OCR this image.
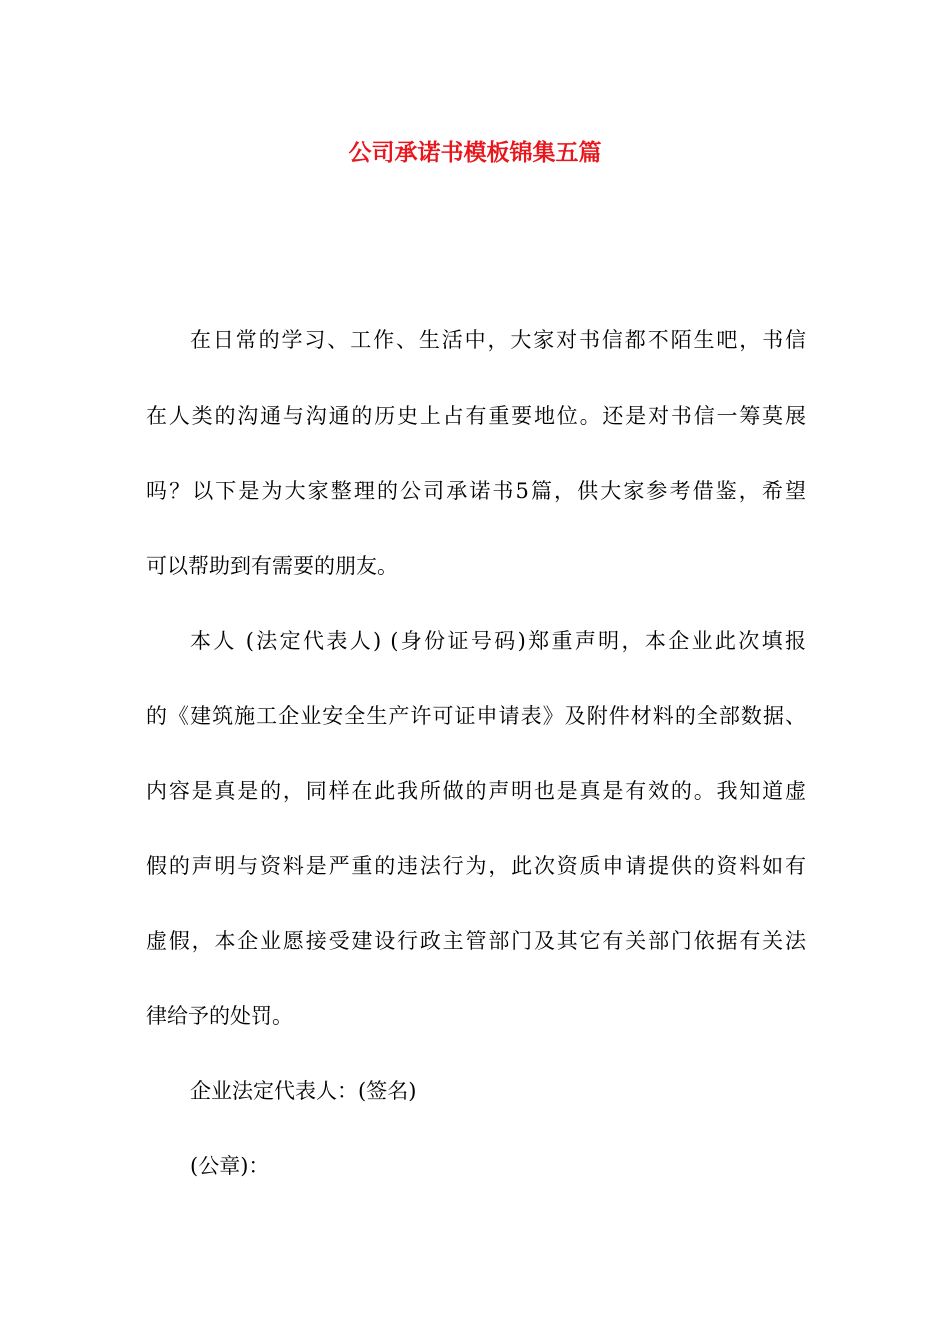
公司承诺书模板锦集五篇
在日常的学习、工作、生活中，大家对书信都不陌生吧，书信
在人类的沟通与沟通的历史上占有重要地位。还是对书信一筹莫展
吗？以下是为大家整理的公司承诺书5篇，供大家参考借鉴，希望
可以帮助到有需要的朋友。
本人 (法定代表人) (身份证号码)郑重声明，本企业此次填报
的《建筑施工企业安全生产许可证申请表》及附件材料的全部数据、
内容是真是的，同样在此我所做的声明也是真是有效的。我知道虚
假的声明与资料是严重的违法行为，此次资质申请提供的资料如有
虚假，本企业愿接受建设行政主管部门及其它有关部门依据有关法
律给予的处罚。
企业法定代表人：(签名)
(公章)：
